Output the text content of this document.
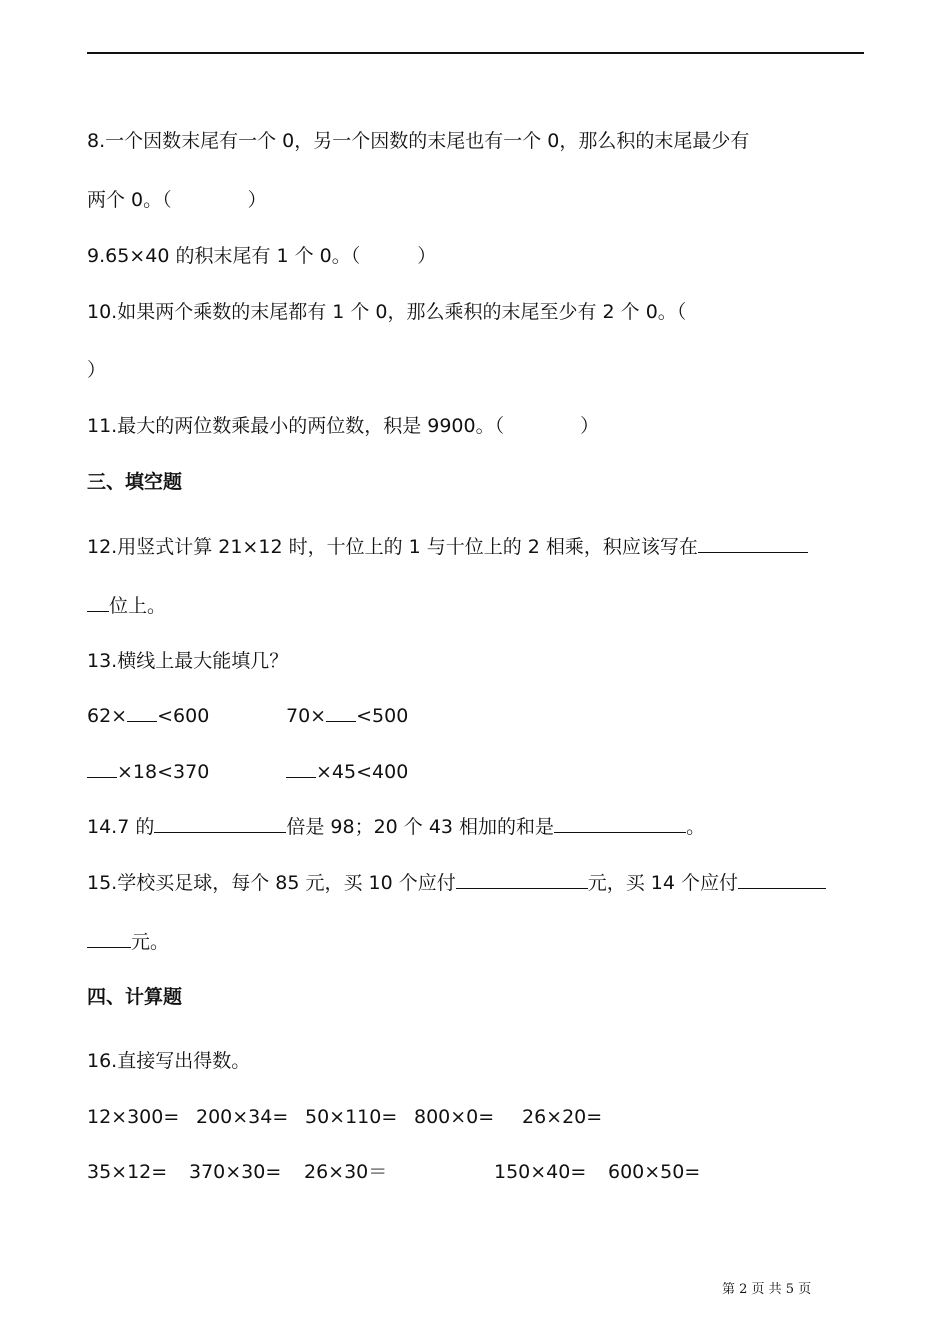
8.一个因数末尾有一个 0，另一个因数的末尾也有一个 0，那么积的末尾最少有
两个 0。（　　　　）
9.65×40 的积末尾有 1 个 0。（　　　）
10.如果两个乘数的末尾都有 1 个 0，那么乘积的末尾至少有 2 个 0。（
）
11.最大的两位数乘最小的两位数，积是 9900。（　　　　）
三、填空题
12.用竖式计算 21×12 时，十位上的 1 与十位上的 2 相乘，积应该写在
位上。
13.横线上最大能填几？
62× <600	70× <500
×18<370	×45<400
14.7 的	倍是 98；20 个 43 相加的和是	。
15.学校买足球，每个 85 元，买 10 个应付	元，买 14 个应付
元。
四、计算题
16.直接写出得数。
12×300= 200×34= 50×110= 800×0= 26×20=
35×12= 370×30= 26×30＝	150×40= 600×50=
第 2 页 共 5 页
